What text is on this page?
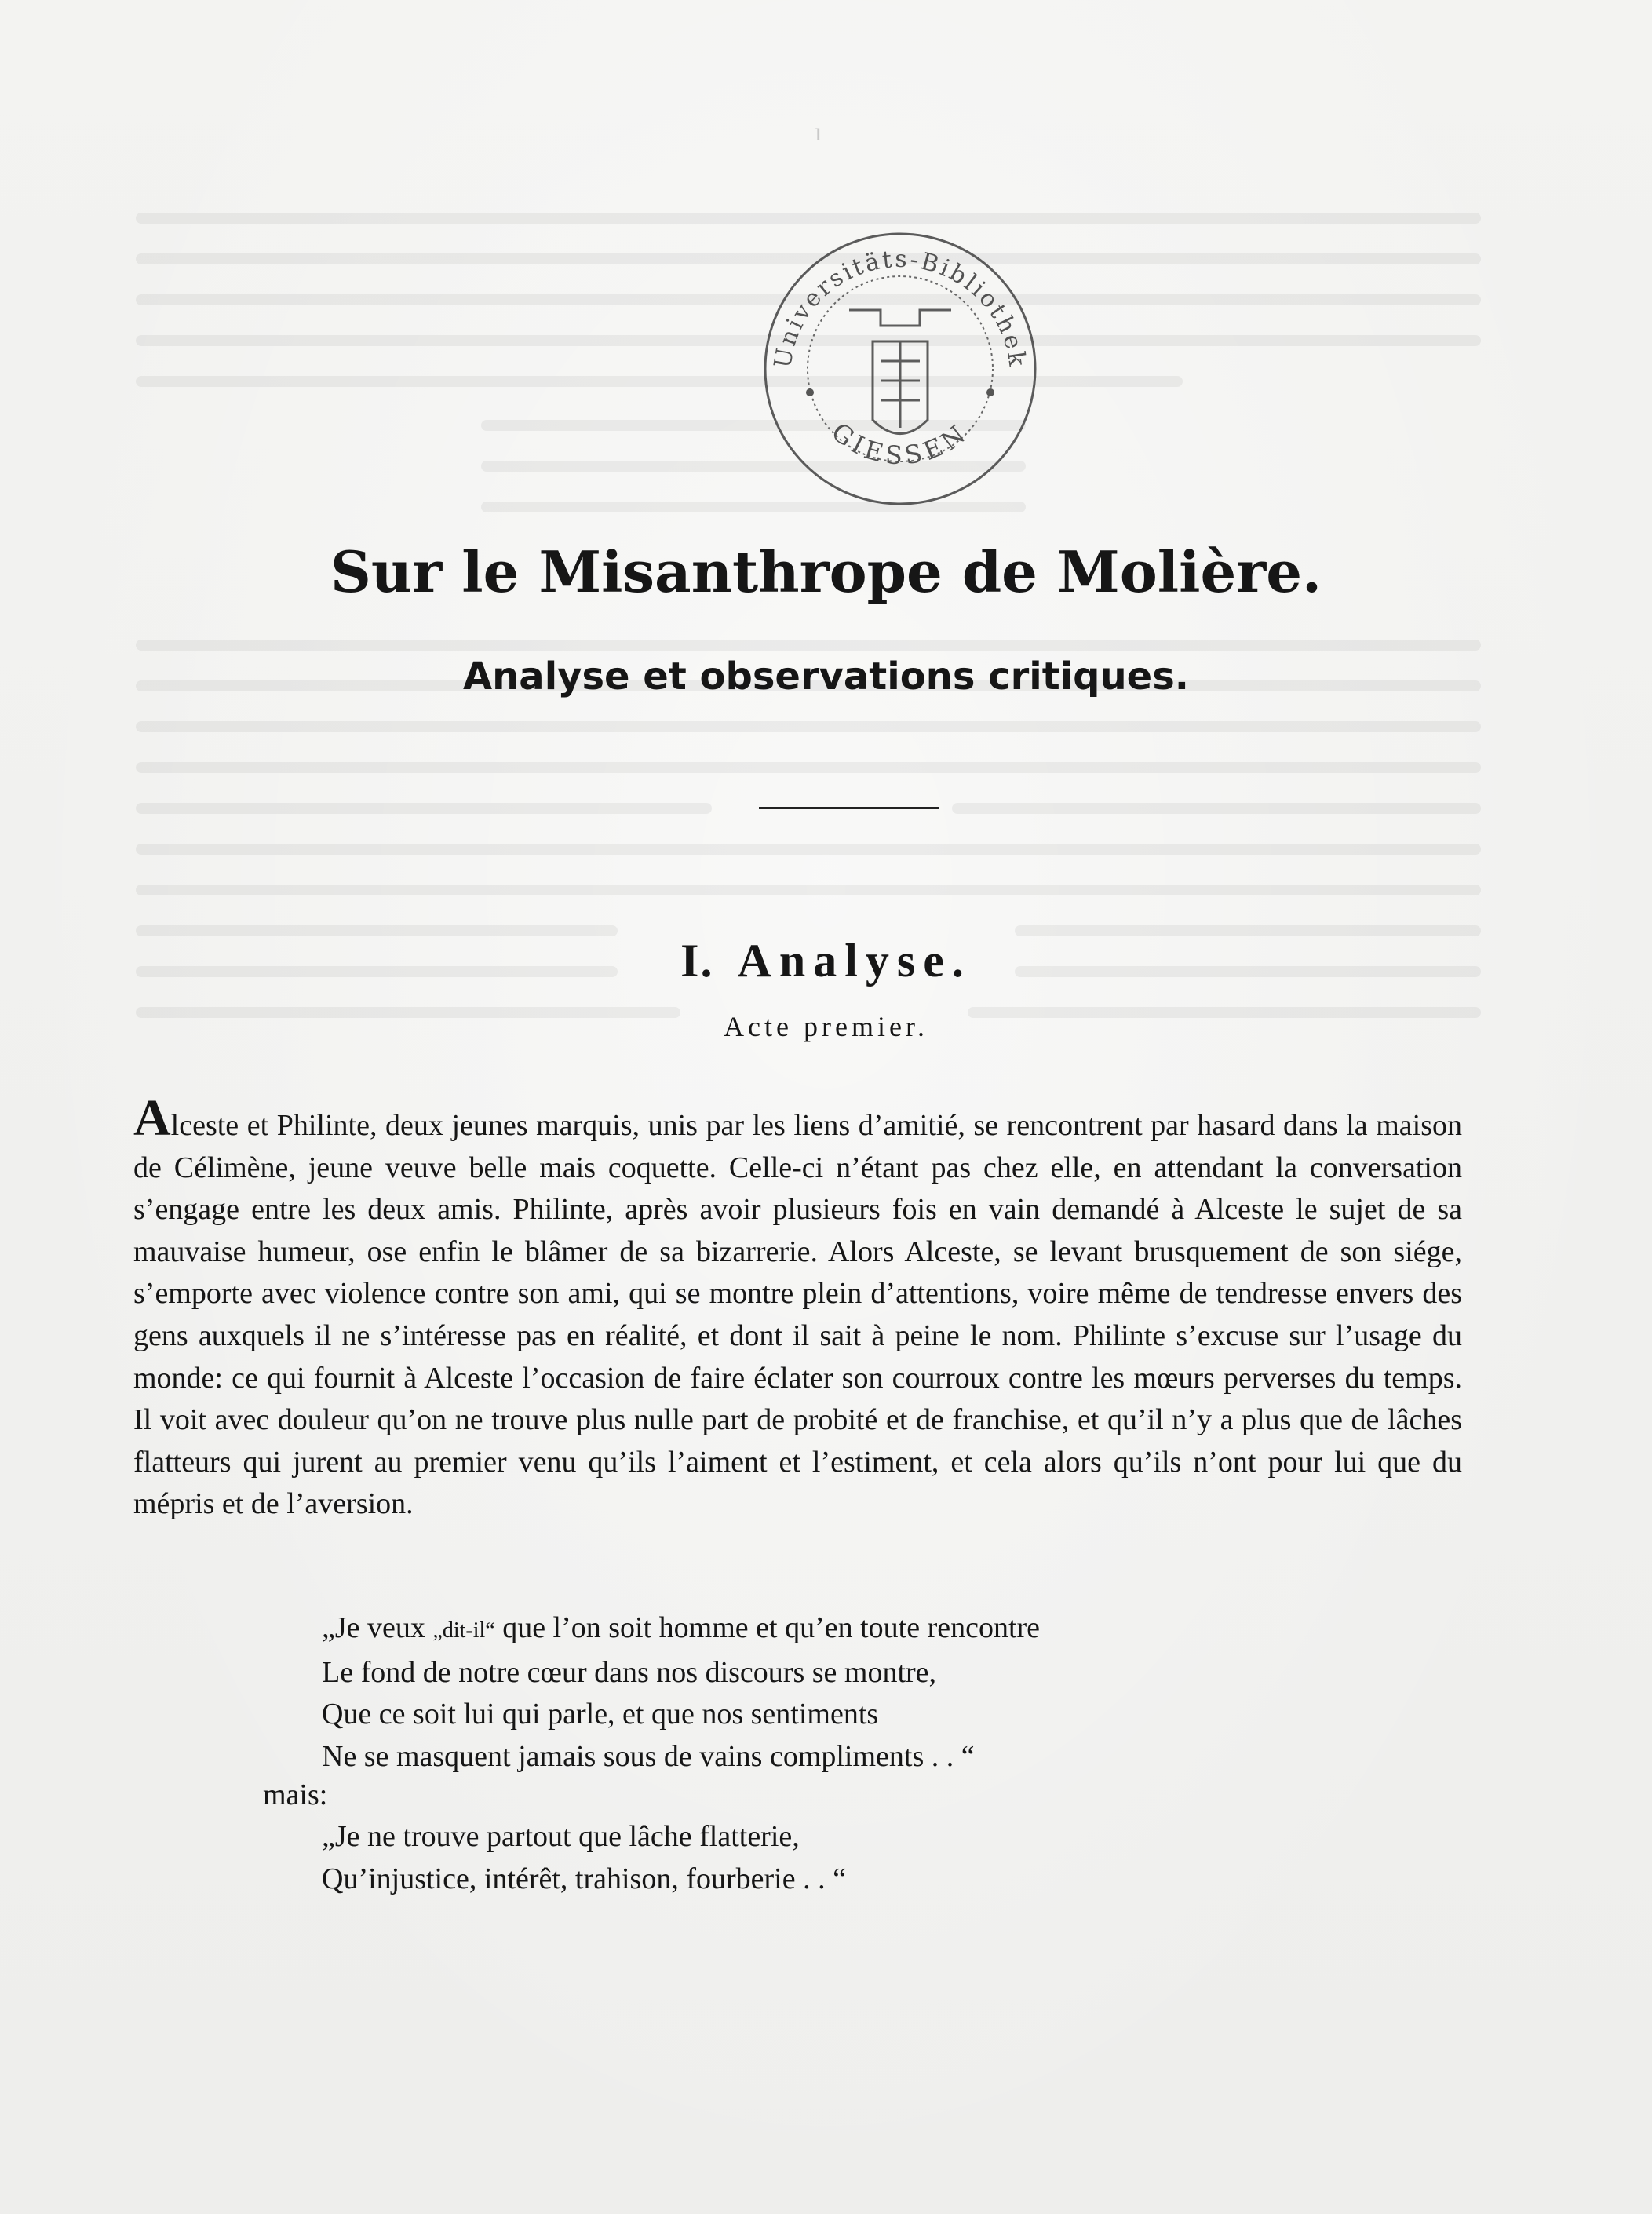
ı
Universitäts-Bibliothek
GIESSEN
Sur le Misanthrope de Molière.
Analyse et observations critiques.
I. Analyse.
Acte premier.

Alceste et Philinte, deux jeunes marquis, unis par les liens d’amitié, se rencontrent par hasard dans la maison de Célimène, jeune veuve belle mais coquette. Celle-ci n’étant pas chez elle, en attendant la conversation s’engage entre les deux amis. Philinte, après avoir plusieurs fois en vain demandé à Alceste le sujet de sa mauvaise humeur, ose enfin le blâmer de sa bizarrerie. Alors Alceste, se levant brusquement de son siége, s’emporte avec violence contre son ami, qui se montre plein d’attentions, voire même de tendresse envers des gens auxquels il ne s’intéresse pas en réalité, et dont il sait à peine le nom. Philinte s’excuse sur l’usage du monde: ce qui fournit à Alceste l’occasion de faire éclater son courroux contre les mœurs perverses du temps. Il voit avec douleur qu’on ne trouve plus nulle part de probité et de franchise, et qu’il n’y a plus que de lâches flatteurs qui jurent au premier venu qu’ils l’aiment et l’estiment, et cela alors qu’ils n’ont pour lui que du mépris et de l’aversion.

„Je veux „dit-il“ que l’on soit homme et qu’en toute rencontre
Le fond de notre cœur dans nos discours se montre,
Que ce soit lui qui parle, et que nos sentiments
Ne se masquent jamais sous de vains compliments . . “
mais:
„Je ne trouve partout que lâche flatterie,
Qu’injustice, intérêt, trahison, fourberie . . “
